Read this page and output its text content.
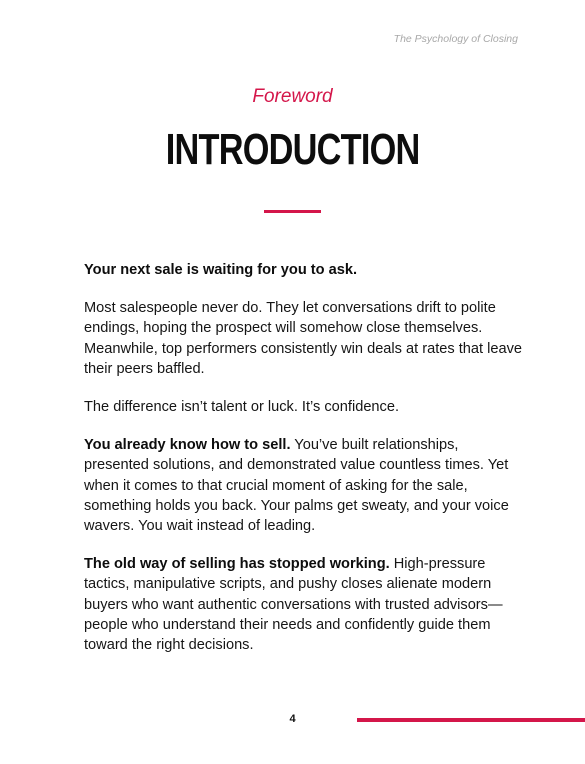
The Psychology of Closing
Foreword
INTRODUCTION

Your next sale is waiting for you to ask.

Most salespeople never do. They let conversations drift to polite endings, hoping the prospect will somehow close themselves. Meanwhile, top performers consistently win deals at rates that leave their peers baffled.

The difference isn’t talent or luck. It’s confidence.

You already know how to sell. You’ve built relationships, presented solutions, and demonstrated value countless times. Yet when it comes to that crucial moment of asking for the sale, something holds you back. Your palms get sweaty, and your voice wavers. You wait instead of leading.

The old way of selling has stopped working. High-pressure tactics, manipulative scripts, and pushy closes alienate modern buyers who want authentic conversations with trusted advisors—people who understand their needs and confidently guide them toward the right decisions.

4
